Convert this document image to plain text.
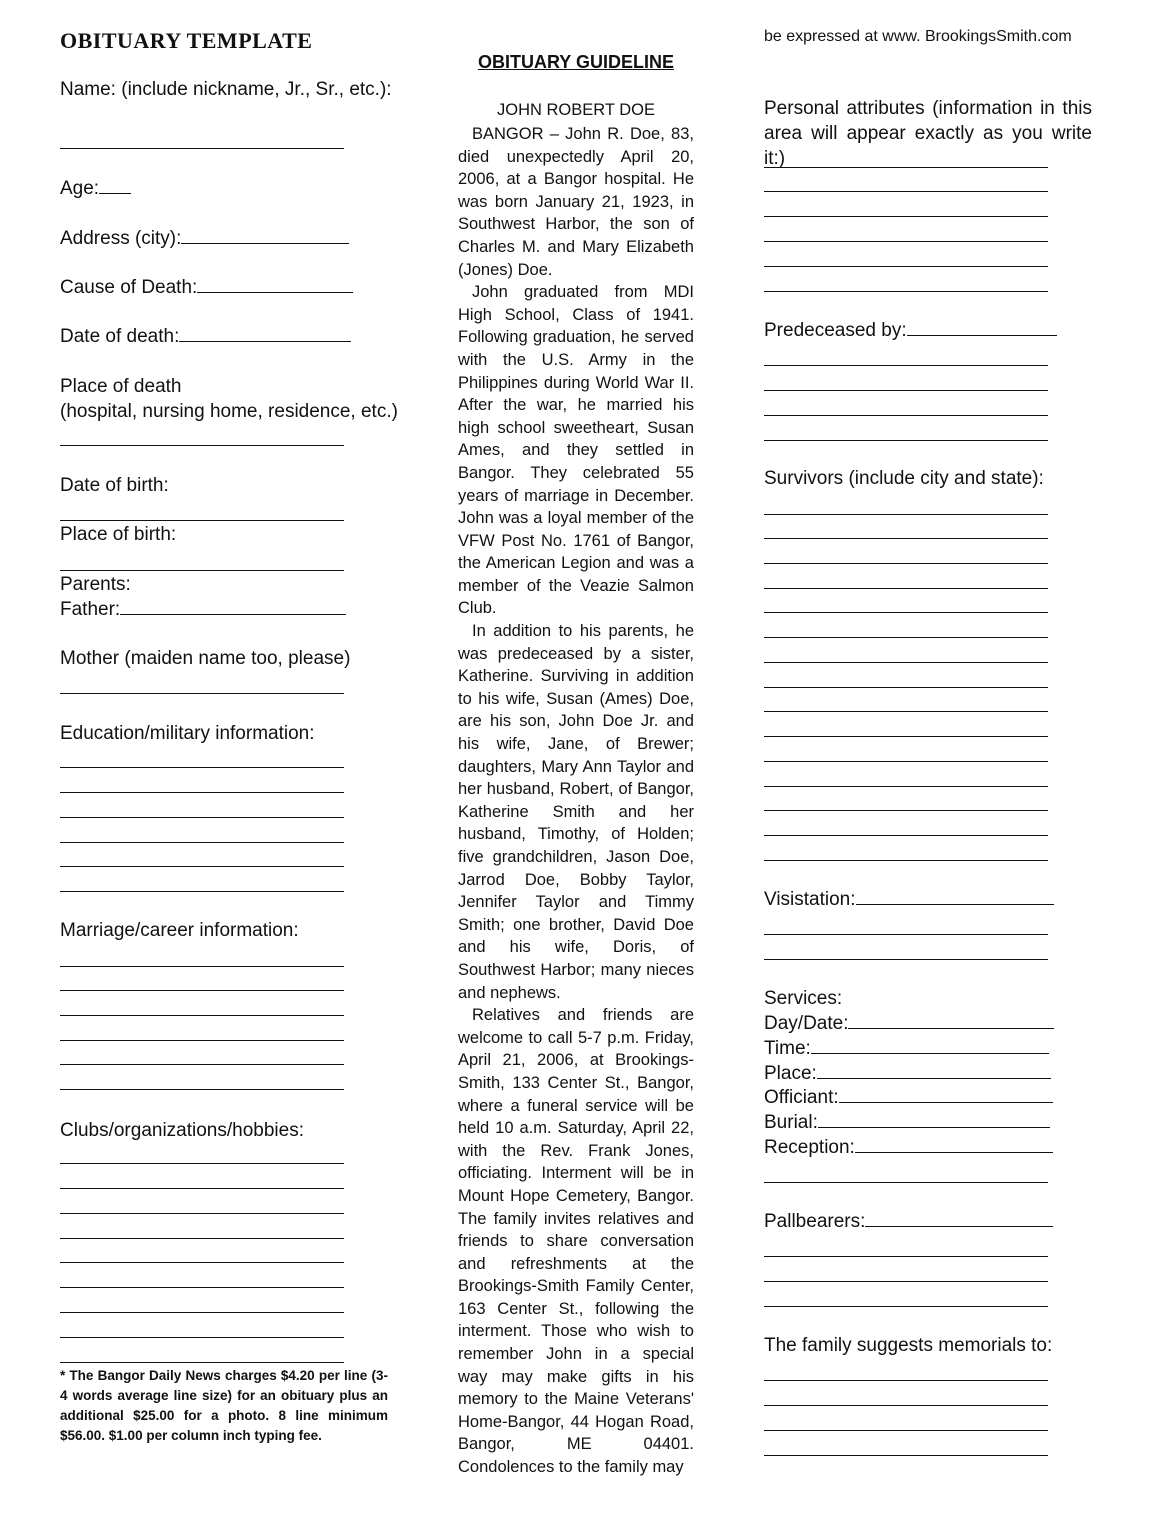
OBITUARY TEMPLATE
Name: (include nickname, Jr., Sr., etc.):
Age:
Address (city):
Cause of Death:
Date of death:
Place of death
(hospital, nursing home, residence, etc.)
Date of birth:
Place of birth:
Parents:
Father:
Mother (maiden name too, please)
Education/military information:
Marriage/career information:
Clubs/organizations/hobbies:
* The Bangor Daily News charges $4.20 per line (3-4 words average line size) for an obituary plus an additional $25.00 for a photo. 8 line minimum $56.00. $1.00 per column inch typing fee.
OBITUARY GUIDELINE
JOHN ROBERT DOE

BANGOR – John R. Doe, 83, died unexpectedly April 20, 2006, at a Bangor hospital. He was born January 21, 1923, in Southwest Harbor, the son of Charles M. and Mary Elizabeth (Jones) Doe.

John graduated from MDI High School, Class of 1941. Following graduation, he served with the U.S. Army in the Philippines during World War II. After the war, he married his high school sweetheart, Susan Ames, and they settled in Bangor. They celebrated 55 years of marriage in December. John was a loyal member of the VFW Post No. 1761 of Bangor, the American Legion and was a member of the Veazie Salmon Club.

In addition to his parents, he was predeceased by a sister, Katherine. Surviving in addition to his wife, Susan (Ames) Doe, are his son, John Doe Jr. and his wife, Jane, of Brewer; daughters, Mary Ann Taylor and her husband, Robert, of Bangor, Katherine Smith and her husband, Timothy, of Holden; five grandchildren, Jason Doe, Jarrod Doe, Bobby Taylor, Jennifer Taylor and Timmy Smith; one brother, David Doe and his wife, Doris, of Southwest Harbor; many nieces and nephews.

Relatives and friends are welcome to call 5-7 p.m. Friday, April 21, 2006, at Brookings-Smith, 133 Center St., Bangor, where a funeral service will be held 10 a.m. Saturday, April 22, with the Rev. Frank Jones, officiating. Interment will be in Mount Hope Cemetery, Bangor. The family invites relatives and friends to share conversation and refreshments at the Brookings-Smith Family Center, 163 Center St., following the interment. Those who wish to remember John in a special way may make gifts in his memory to the Maine Veterans' Home-Bangor, 44 Hogan Road, Bangor, ME 04401. Condolences to the family may

be expressed at www. BrookingsSmith.com
Personal attributes (information in this area will appear exactly as you write it:)
Predeceased by:
Survivors (include city and state):
Visistation:
Services:
Day/Date:
Time:
Place:
Officiant:
Burial:
Reception:
Pallbearers:
The family suggests memorials to:
